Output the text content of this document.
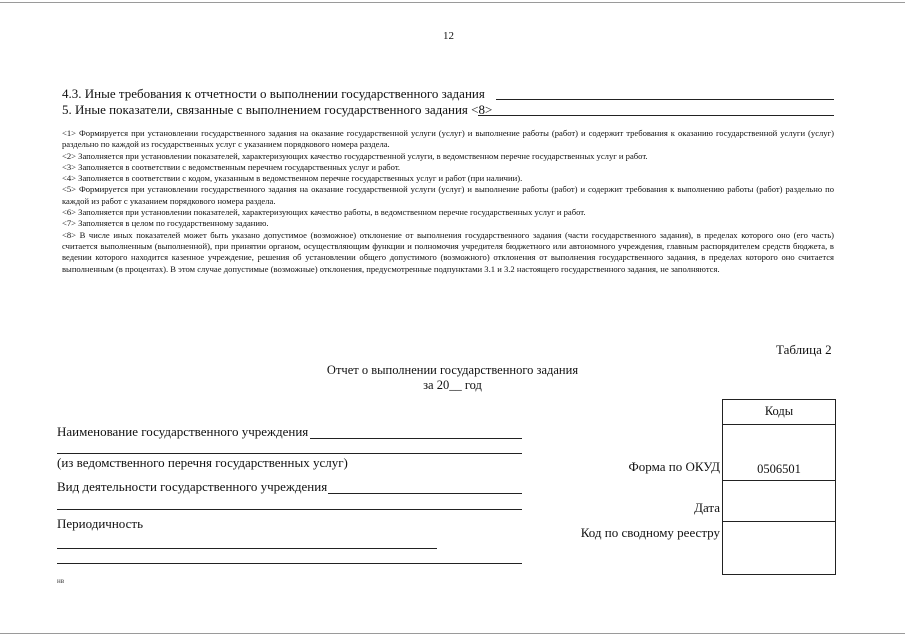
12
4.3. Иные требования к отчетности о выполнении государственного задания
5. Иные показатели, связанные с выполнением государственного задания <8>

<1> Формируется при установлении государственного задания на оказание государственной услуги (услуг) и выполнение работы (работ) и содержит требования к оказанию государственной услуги (услуг) раздельно по каждой из государственных услуг с указанием порядкового номера раздела.

<2> Заполняется при установлении показателей, характеризующих качество государственной услуги, в ведомственном перечне государственных услуг и работ.

<3> Заполняется в соответствии с ведомственным перечнем государственных услуг и работ.

<4> Заполняется в соответствии с кодом, указанным в ведомственном перечне государственных услуг и работ (при наличии).

<5> Формируется при установлении государственного задания на оказание государственной услуги (услуг) и выполнение работы (работ) и содержит требования к выполнению работы (работ) раздельно по каждой из работ с указанием порядкового номера раздела.

<6> Заполняется при установлении показателей, характеризующих качество работы, в ведомственном перечне государственных услуг и работ.

<7> Заполняется в целом по государственному заданию.

<8> В числе иных показателей может быть указано допустимое (возможное) отклонение от выполнения государственного задания (части государственного задания), в пределах которого оно (его часть) считается выполненным (выполненной), при принятии органом, осуществляющим функции и полномочия учредителя бюджетного или автономного учреждения, главным распорядителем средств бюджета, в ведении которого находится казенное учреждение, решения об установлении общего допустимого (возможного) отклонения от выполнения государственного задания, в пределах которого оно считается выполненным (в процентах). В этом случае допустимые (возможные) отклонения, предусмотренные подпунктами 3.1 и 3.2 настоящего государственного задания, не заполняются.

Таблица 2
Отчет о выполнении государственного задания
за 20__ год
Наименование государственного учреждения
(из ведомственного перечня государственных услуг)
Вид деятельности государственного учреждения
Периодичность
Форма по ОКУД
Дата
Код по сводному реестру
Коды
0506501
нв
